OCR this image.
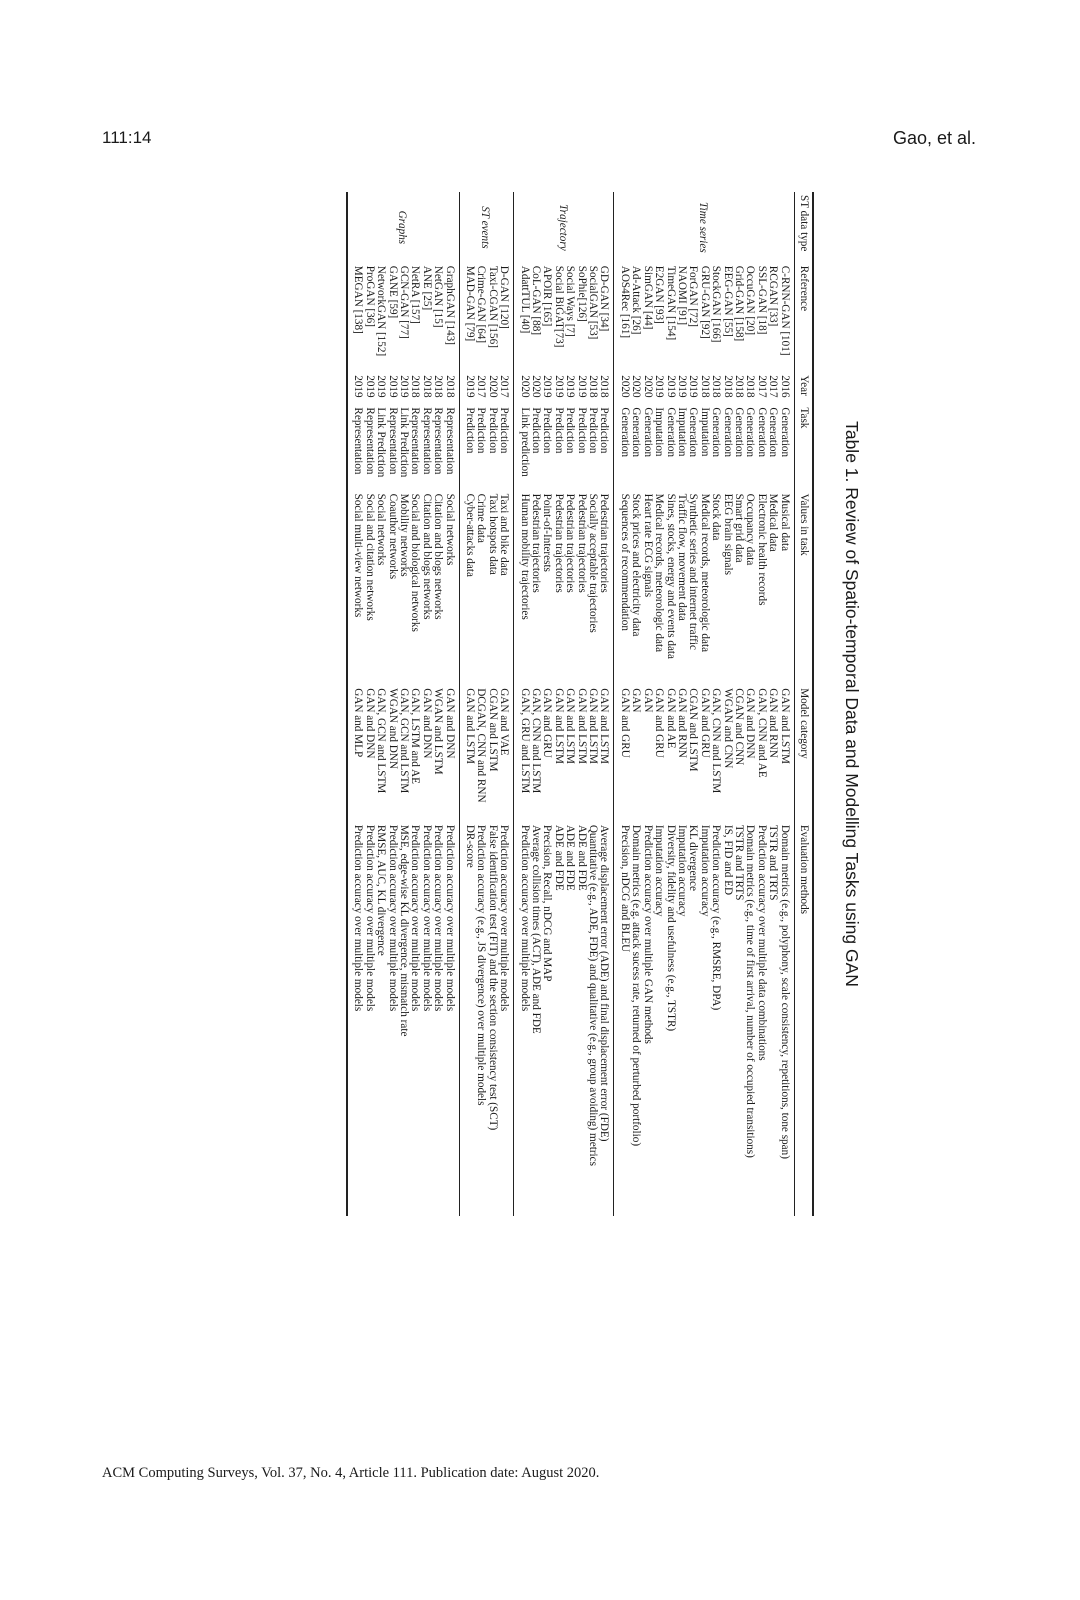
111:14	Gao, et al.
Table 1. Review of Spatio-temporal Data and Modelling Tasks using GAN
ST data type	Reference	Year	Task	Values in task	Model category	Evaluation methods
Time series	C-RNN-GAN [101]	2016	Generation	Musical data	GAN and LSTM	Domain metrics (e.g., polyphony, scale consistency, repetitions, tone span)
	RCGAN [33]	2017	Generation	Medical data	GAN and RNN	TSTR and TRTS
	SSL-GAN [18]	2017	Generation	Electronic health records	GAN, CNN and AE	Prediction accuracy over multiple data combinations
	OccuGAN [20]	2018	Generation	Occupancy data	GAN and DNN	Domain metrics (e.g., time of first arrival, number of occupied transitions)
	Grid-GAN [158]	2018	Generation	Smart grid data	CGAN and CNN	TSTR and TRTS
	EEG-GAN [55]	2018	Generation	EEG brain signals	WGAN and CNN	IS, FID and ED
	StockGAN [166]	2018	Generation	Stock data	GAN, CNN and LSTM	Prediction accuracy (e.g., RMSRE, DPA)
	GRU-GAN [92]	2018	Imputation	Medical records, meteorologic data	GAN and GRU	Imputation accuracy
	ForGAN [72]	2019	Generation	Synthetic series and internet traffic	CGAN and LSTM	KL divergence
	NAOMI [91]	2019	Imputation	Traffic flow, movement data	GAN and RNN	Imputation accuracy
	TimeGAN [154]	2019	Generation	Sines, stocks, energy and events data	GAN and AE	Diversity, fidelity and usefulness (e.g., TSTR)
	E2GAN [93]	2019	Imputation	Medical records, meteorologic data	GAN and GRU	Imputation accuracy
	SimGAN [44]	2020	Generation	Heart rate ECG signals	GAN	Prediction accuracy over multiple GAN methods
	Ad-Attack [26]	2020	Generation	Stock prices and electricity data	GAN	Domain metrics (e.g. attack sucess rate, returned of perturbed portfolio)
	AOS4Rec [161]	2020	Generation	Sequences of recommendation	GAN and GRU	Precision, nDCG and BLEU
Trajectory	GD-GAN [34]	2018	Prediction	Pedestrian trajectories	GAN and LSTM	Average displacement error (ADE) and final displacement error (FDE)
	SocialGAN [53]	2018	Prediction	Socially acceptable trajectories	GAN and LSTM	Quantitative (e.g., ADE, FDE) and qualitative (e.g., group avoiding) metrics
	SoPhie[126]	2019	Prediction	Pedestrian trajectories	GAN and LSTM	ADE and FDE
	Social Ways [7]	2019	Prediction	Pedestrian trajectories	GAN and LSTM	ADE and FDE
	Social BiGAT[73]	2019	Prediction	Pedestrian trajectories	GAN and LSTM	ADE and FDE
	APOIR [165]	2019	Prediction	Point-of-Interests	GAN and GRU	Precision, Recall, nDCG and MAP
	CoL-GAN [88]	2020	Prediction	Pedestrian trajectories	GAN, CNN and LSTM	Average collision times (ACT), ADE and FDE
	AdattTUL [40]	2020	Link prediction	Human mobility trajectories	GAN, GRU and LSTM	Prediction accuracy over multiple models
ST events	D-GAN [120]	2017	Prediction	Taxi and bike data	GAN and VAE	Prediction accuracy over multiple models
	Taxi-CGAN [156]	2020	Prediction	Taxi hotspots data	CGAN and LSTM	False identification test (FIT) and the section consistency test (SCT)
	Crime-GAN [64]	2017	Prediction	Crime data	DCGAN, CNN and RNN	Prediction accuracy (e.g., JS divergence) over multiple models
	MAD-GAN [79]	2019	Prediction	Cyber-attacks data	GAN and LSTM	DR-score
Graphs	GraphGAN [143]	2018	Representation	Social networks	GAN and DNN	Prediction accuracy over multiple models
	NetGAN [15]	2018	Representation	Citation and blogs networks	WGAN and LSTM	Prediction accuracy over multiple models
	ANE [25]	2018	Representation	Citation and blogs networks	GAN and DNN	Prediction accuracy over multiple models
	NetRA [157]	2018	Representation	Social and biological networks	GAN, LSTM and AE	Prediction accuracy over multiple models
	GCN-GAN [77]	2019	Link Prediction	Mobility networks	GAN, GCN and LSTM	MSE, edge-wise KL divergence, mismatch rate
	GANE [59]	2019	Representation	Coauthor networks	WGAN and DNN	Prediction accuracy over multiple models
	NetworkGAN [152]	2019	Link Prediction	Social networks	GAN, GCN and LSTM	RMSE, AUC, KL divergence
	ProGAN [36]	2019	Representation	Social and citation networks	GAN and DNN	Prediction accuracy over multiple models
	MEGAN [138]	2019	Representation	Social multi-view networks	GAN and MLP	Prediction accuracy over multiple models
ACM Computing Surveys, Vol. 37, No. 4, Article 111. Publication date: August 2020.
